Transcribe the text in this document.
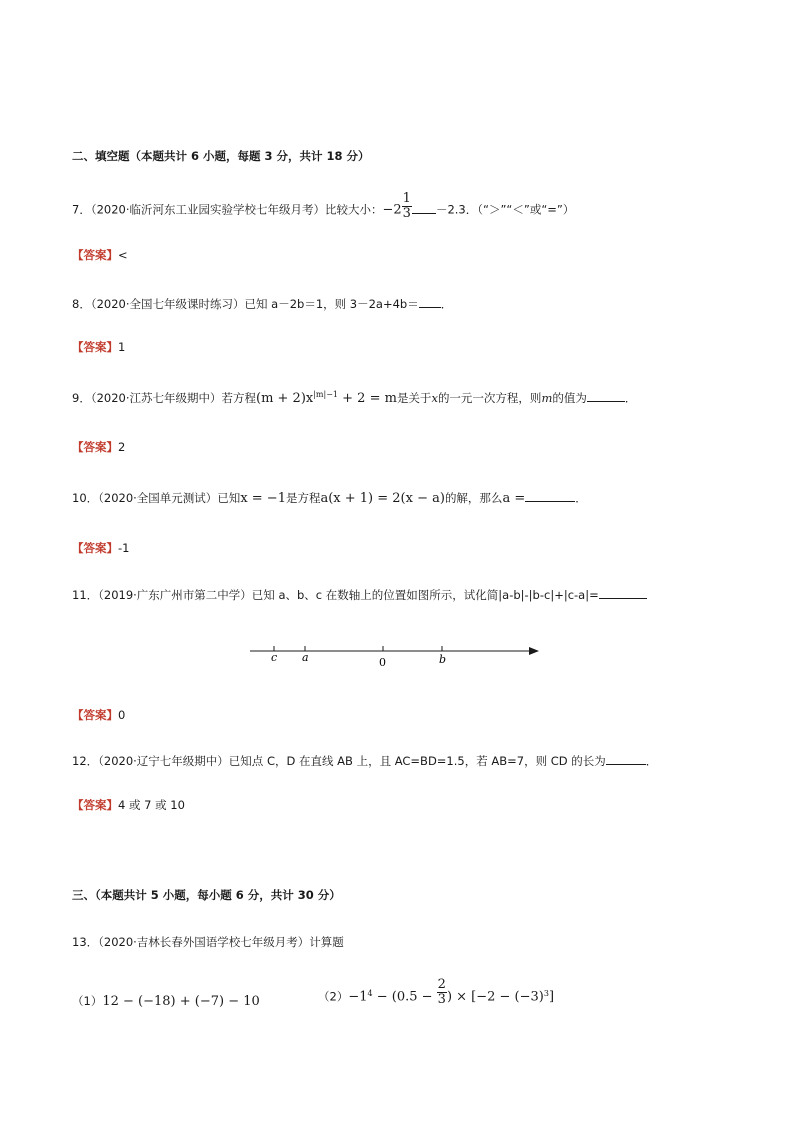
二、填空题（本题共计 6 小题，每题 3 分，共计 18 分）
7．（2020·临沂河东工业园实验学校七年级月考）比较大小：$-2 \frac{1}{3} -2.3$．（“＞”“＜”或“=”）
【答案】<
8．（2020·全国七年级课时练习）已知 a－2b＝1，则 3－2a+4b＝ ．
【答案】1
9．（2020·江苏七年级期中）若方程$(m + 2)x^{|m|-1} + 2 = m$是关于x的一元一次方程，则m的值为	．
【答案】2
10．（2020·全国单元测试）已知x = −1是方程a(x + 1) = 2(x − a)的解，那么a =	．
【答案】-1
11．（2019·广东广州市第二中学）已知 a、b、c 在数轴上的位置如图所示，试化简|a-b|-|b-c|+|c-a|=
c a	0	b
【答案】0
12．（2020·辽宁七年级期中）已知点 C，D 在直线 AB 上，且 AC=BD=1.5，若 AB=7，则 CD 的长为	．
【答案】4 或 7 或 10
三、（本题共计 5 小题，每小题 6 分，共计 30 分）
13．（2020·吉林长春外国语学校七年级月考）计算题
（1）12 − (−18) + (−7) − 10	$(2)-1^4 - (0.5 - \frac{2}{3}$ ) × $[-2 - (-3)^3]$
